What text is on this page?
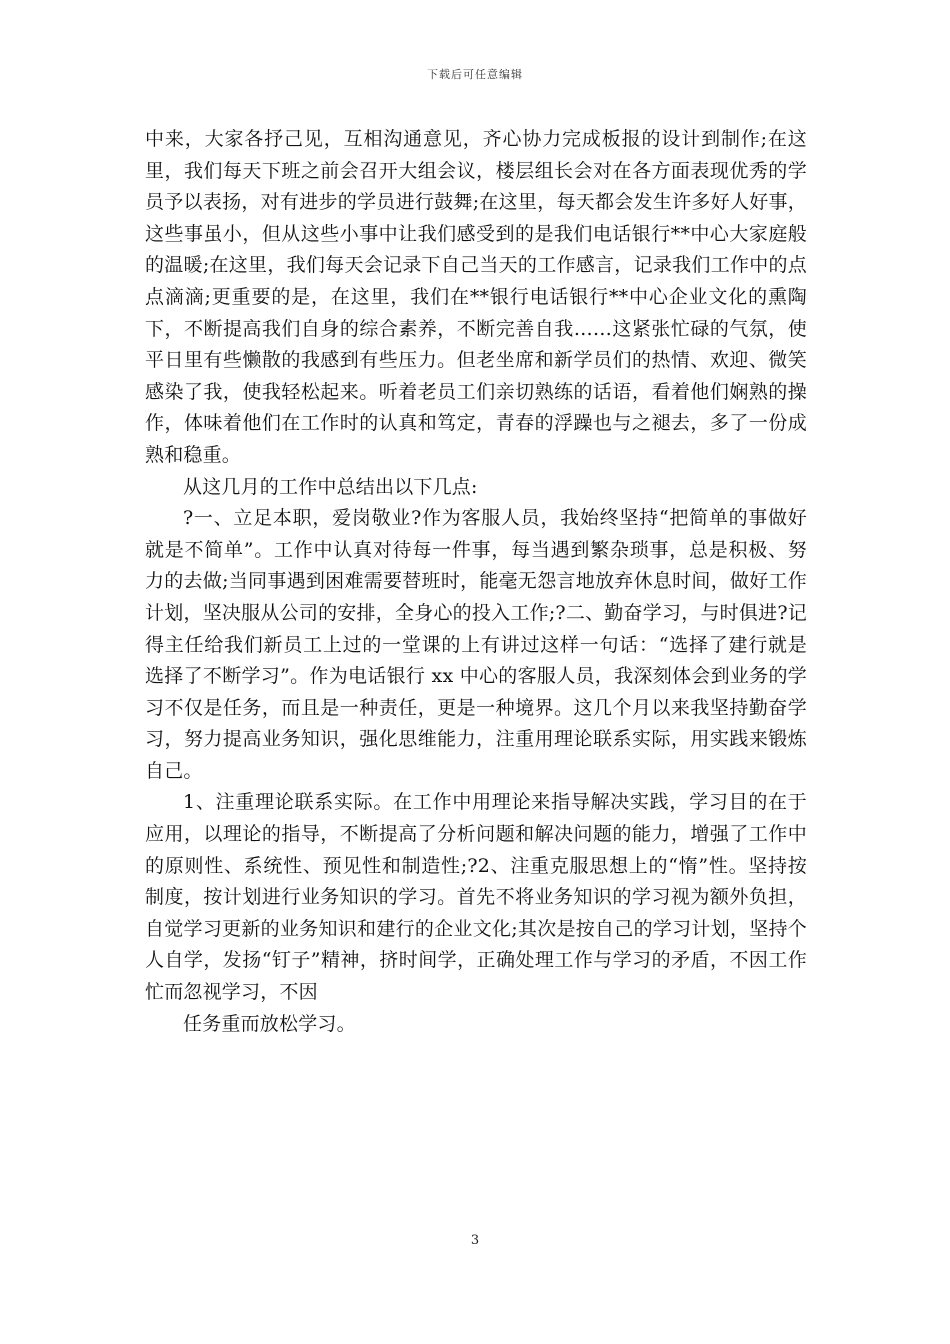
下载后可任意编辑

中来，大家各抒己见，互相沟通意见，齐心协力完成板报的设计到制作;在这里，我们每天下班之前会召开大组会议，楼层组长会对在各方面表现优秀的学员予以表扬，对有进步的学员进行鼓舞;在这里，每天都会发生许多好人好事，这些事虽小，但从这些小事中让我们感受到的是我们电话银行**中心大家庭般的温暖;在这里，我们每天会记录下自己当天的工作感言，记录我们工作中的点点滴滴;更重要的是，在这里，我们在**银行电话银行**中心企业文化的熏陶下，不断提高我们自身的综合素养，不断完善自我……这紧张忙碌的气氛，使平日里有些懒散的我感到有些压力。但老坐席和新学员们的热情、欢迎、微笑感染了我，使我轻松起来。听着老员工们亲切熟练的话语，看着他们娴熟的操作，体味着他们在工作时的认真和笃定，青春的浮躁也与之褪去，多了一份成熟和稳重。

从这几月的工作中总结出以下几点:

?一、立足本职，爱岗敬业?作为客服人员，我始终坚持“把简单的事做好就是不简单”。工作中认真对待每一件事，每当遇到繁杂琐事，总是积极、努力的去做;当同事遇到困难需要替班时，能毫无怨言地放弃休息时间，做好工作计划，坚决服从公司的安排，全身心的投入工作;?二、勤奋学习，与时俱进?记得主任给我们新员工上过的一堂课的上有讲过这样一句话：“选择了建行就是选择了不断学习”。作为电话银行 xx 中心的客服人员，我深刻体会到业务的学习不仅是任务，而且是一种责任，更是一种境界。这几个月以来我坚持勤奋学习，努力提高业务知识，强化思维能力，注重用理论联系实际，用实践来锻炼自己。

1、注重理论联系实际。在工作中用理论来指导解决实践，学习目的在于应用，以理论的指导，不断提高了分析问题和解决问题的能力，增强了工作中的原则性、系统性、预见性和制造性;?2、注重克服思想上的“惰”性。坚持按制度，按计划进行业务知识的学习。首先不将业务知识的学习视为额外负担，自觉学习更新的业务知识和建行的企业文化;其次是按自己的学习计划，坚持个人自学，发扬“钉子”精神，挤时间学，正确处理工作与学习的矛盾，不因工作忙而忽视学习，不因

任务重而放松学习。

3
